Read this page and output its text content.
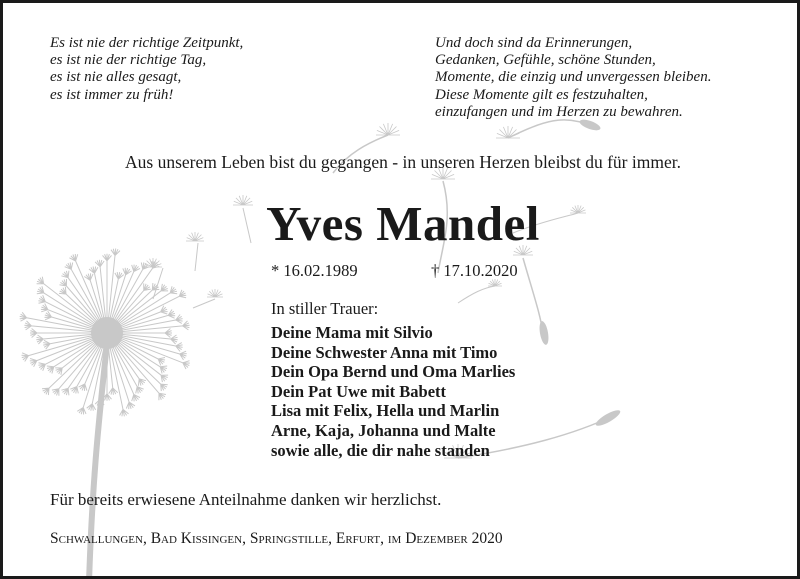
Es ist nie der richtige Zeitpunkt,
es ist nie der richtige Tag,
es ist nie alles gesagt,
es ist immer zu früh!
Und doch sind da Erinnerungen,
Gedanken, Gefühle, schöne Stunden,
Momente, die einzig und unvergessen bleiben.
Diese Momente gilt es festzuhalten,
einzufangen und im Herzen zu bewahren.
Aus unserem Leben bist du gegangen - in unseren Herzen bleibst du für immer.
Yves Mandel
* 16.02.1989	† 17.10.2020
In stiller Trauer:
Deine Mama mit Silvio
Deine Schwester Anna mit Timo
Dein Opa Bernd und Oma Marlies
Dein Pat Uwe mit Babett
Lisa mit Felix, Hella und Marlin
Arne, Kaja, Johanna und Malte
sowie alle, die dir nahe standen
Für bereits erwiesene Anteilnahme danken wir herzlichst.
Schwallungen, Bad Kissingen, Springstille, Erfurt, im Dezember 2020
